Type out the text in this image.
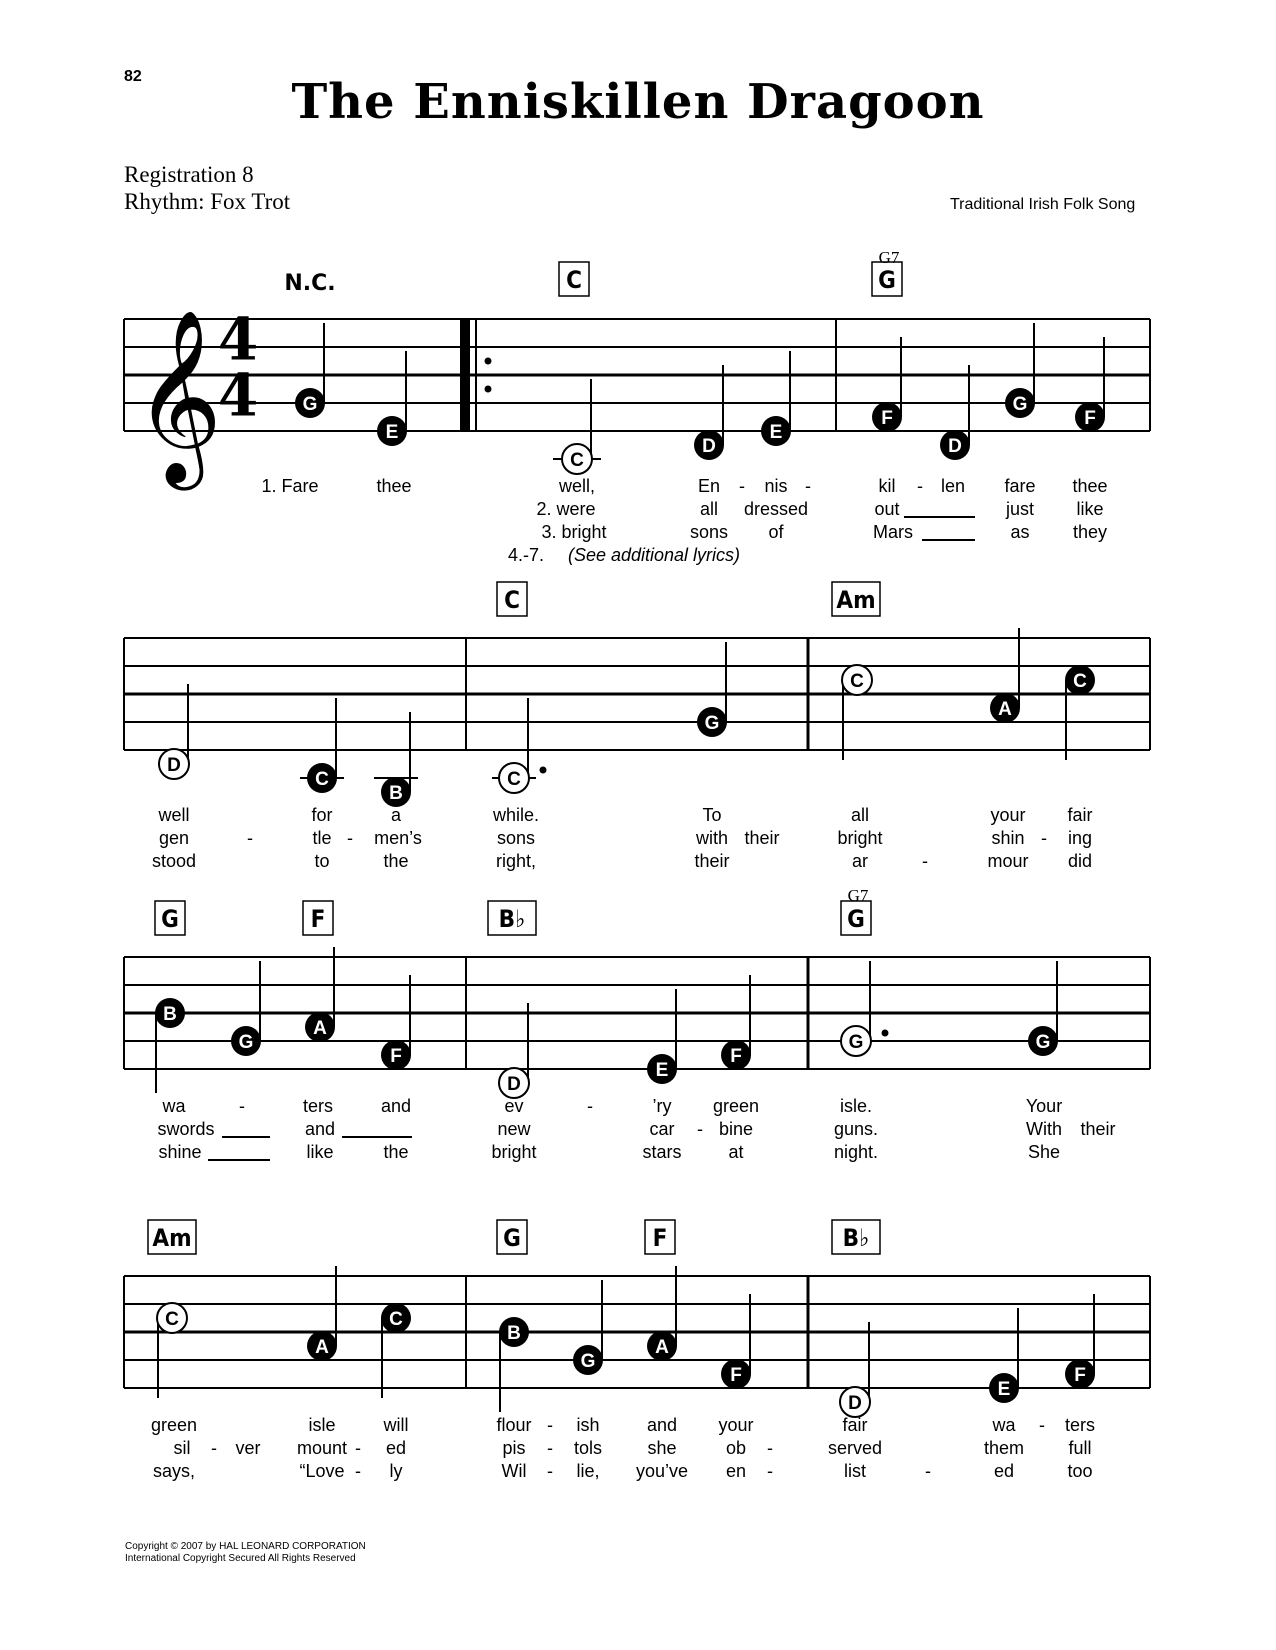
82	The Enniskillen Dragoon
Registration 8
Rhythm: Fox Trot	Traditional Irish Folk Song
Copyright © 2007 by HAL LEONARD CORPORATION
International Copyright Secured All Rights Reserved
𝄞
4
4
N.C.	C	G
G7
G
E
C
D
E
F
D
G
F
1. Fare	thee	well,	En - nis -	kil - len fare thee
2. were	all dressed	out	just like
3. bright	sons of	Mars	as they
4.-7. (See additional lyrics)
C	Am
D
C
B
C
G
C
A
C
well	for	a	while.	To	all	your fair
gen	-	tle - men’s	sons	with their	bright	shin - ing
stood	to	the	right,	their	ar	-	mour did
G	F	B♭	G
G7
B
G
A
F
D
E
F
G	G
wa	-	ters	and	ev	-	’ry green	isle.	Your
swords	and	new	car - bine	guns.	With their
shine	like	the	bright	stars	at	night.	She
Am	G	F	B♭
C
A
C
B
G
A
F
D
E
F
green	isle	will	flour - ish	and your	fair	wa - ters
sil - ver mount - ed	pis - tols	she	ob -	served	them full
says,	“Love - ly	Wil - lie, you’ve en -	list	-	ed	too
